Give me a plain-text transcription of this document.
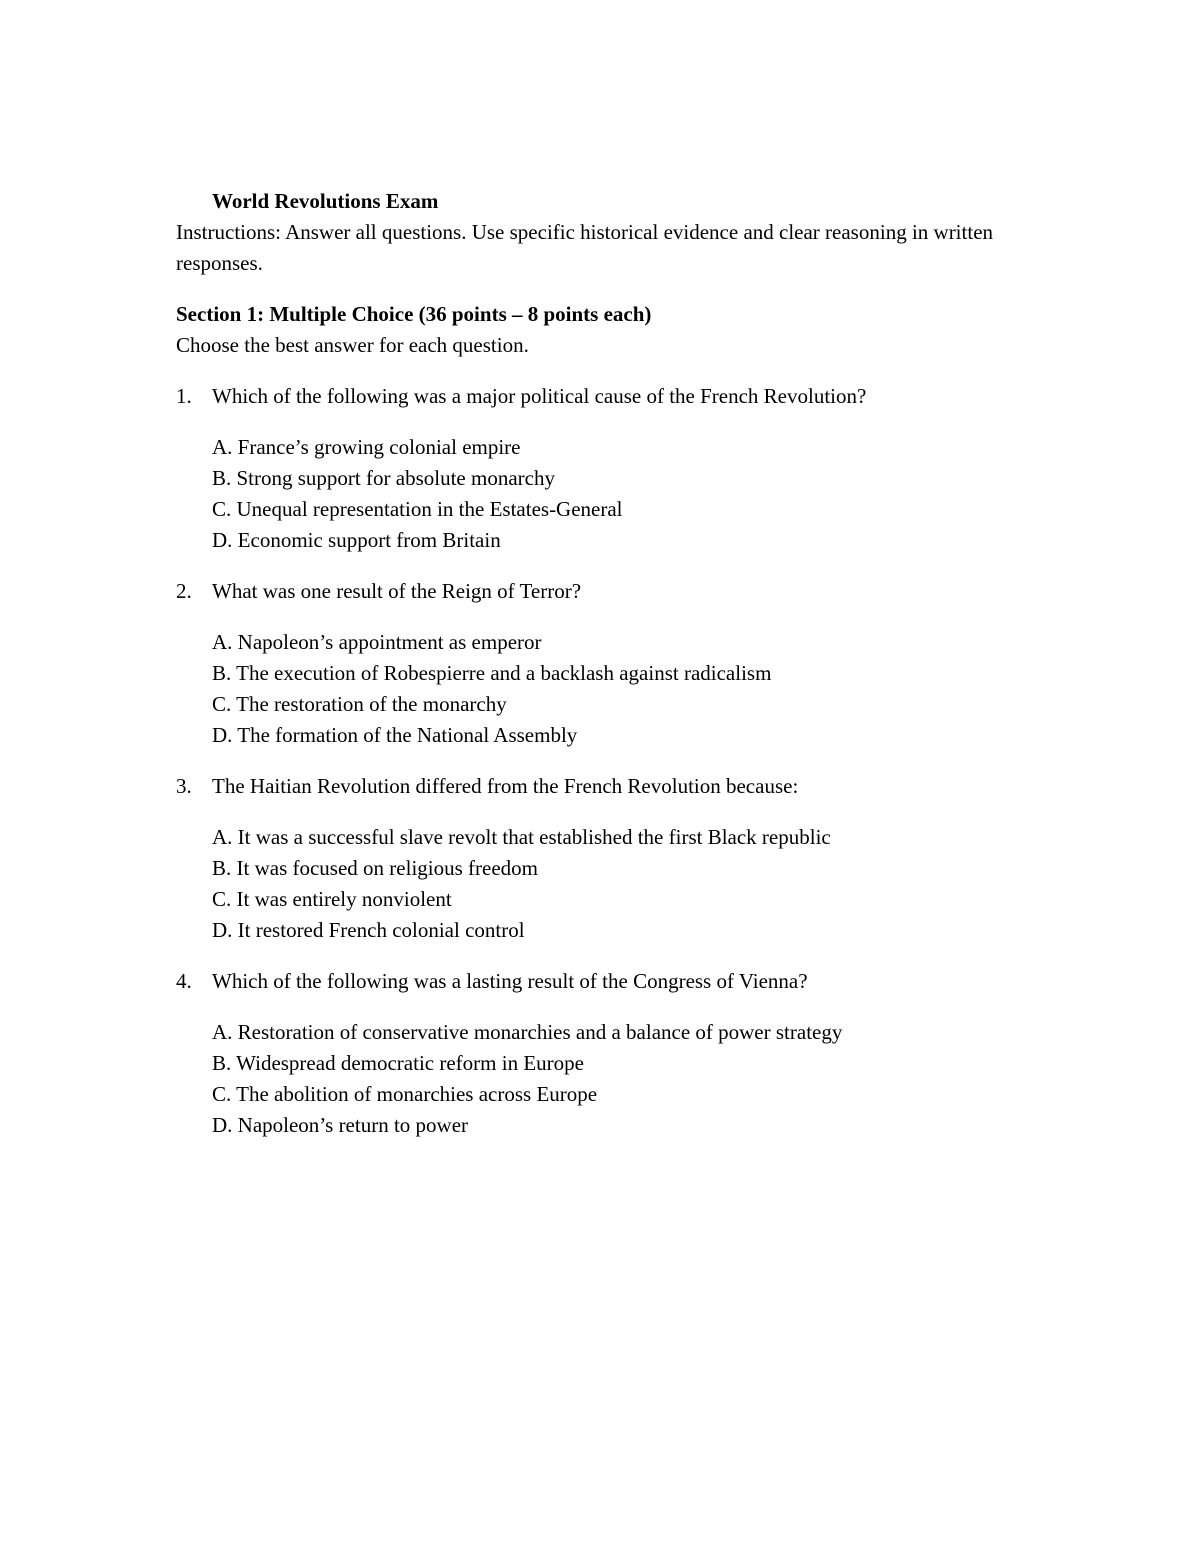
World Revolutions Exam

Instructions: Answer all questions. Use specific historical evidence and clear reasoning in written responses.

Section 1: Multiple Choice (36 points – 8 points each)
Choose the best answer for each question.
1. Which of the following was a major political cause of the French Revolution?
A. France’s growing colonial empire
B. Strong support for absolute monarchy
C. Unequal representation in the Estates-General
D. Economic support from Britain
2. What was one result of the Reign of Terror?
A. Napoleon’s appointment as emperor
B. The execution of Robespierre and a backlash against radicalism
C. The restoration of the monarchy
D. The formation of the National Assembly
3. The Haitian Revolution differed from the French Revolution because:
A. It was a successful slave revolt that established the first Black republic
B. It was focused on religious freedom
C. It was entirely nonviolent
D. It restored French colonial control
4. Which of the following was a lasting result of the Congress of Vienna?
A. Restoration of conservative monarchies and a balance of power strategy
B. Widespread democratic reform in Europe
C. The abolition of monarchies across Europe
D. Napoleon’s return to power
